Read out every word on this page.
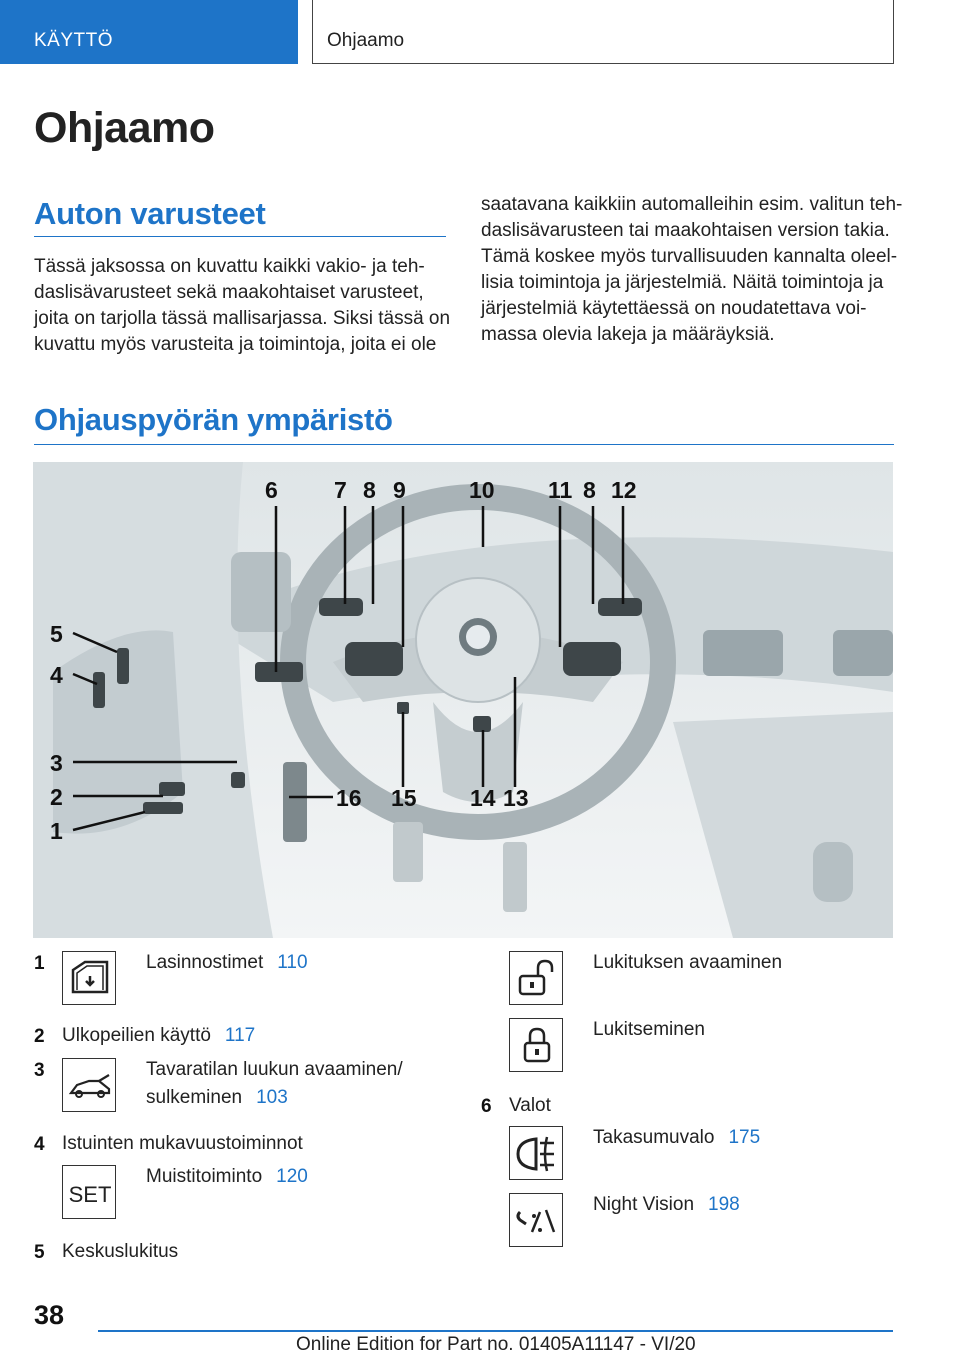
KÄYTTÖ	Ohjaamo
Ohjaamo
Auton varusteet
Tässä jaksossa on kuvattu kaikki vakio- ja teh-
daslisävarusteet sekä maakohtaiset varusteet,
joita on tarjolla tässä mallisarjassa. Siksi tässä on
kuvattu myös varusteita ja toimintoja, joita ei ole
saatavana kaikkiin automalleihin esim. valitun teh-
daslisävarusteen tai maakohtaisen version takia.
Tämä koskee myös turvallisuuden kannalta oleel-
lisia toimintoja ja järjestelmiä. Näitä toimintoja ja
järjestelmiä käytettäessä on noudatettava voi-
massa olevia lakeja ja määräyksiä.
Ohjauspyörän ympäristö
6 7 8 9	10 11 8 12
5
4
3
2
1
16 15 14 13
1	Lasinnostimet 110
2 Ulkopeilien käyttö 117
3	Tavaratilan luukun avaaminen/
sulkeminen 103
4 Istuinten mukavuustoiminnot
SET
Muistitoiminto 120
5 Keskuslukitus
Lukituksen avaaminen
Lukitseminen
6 Valot
Takasumuvalo 175
Night Vision 198
38
Online Edition for Part no. 01405A11147 - VI/20
